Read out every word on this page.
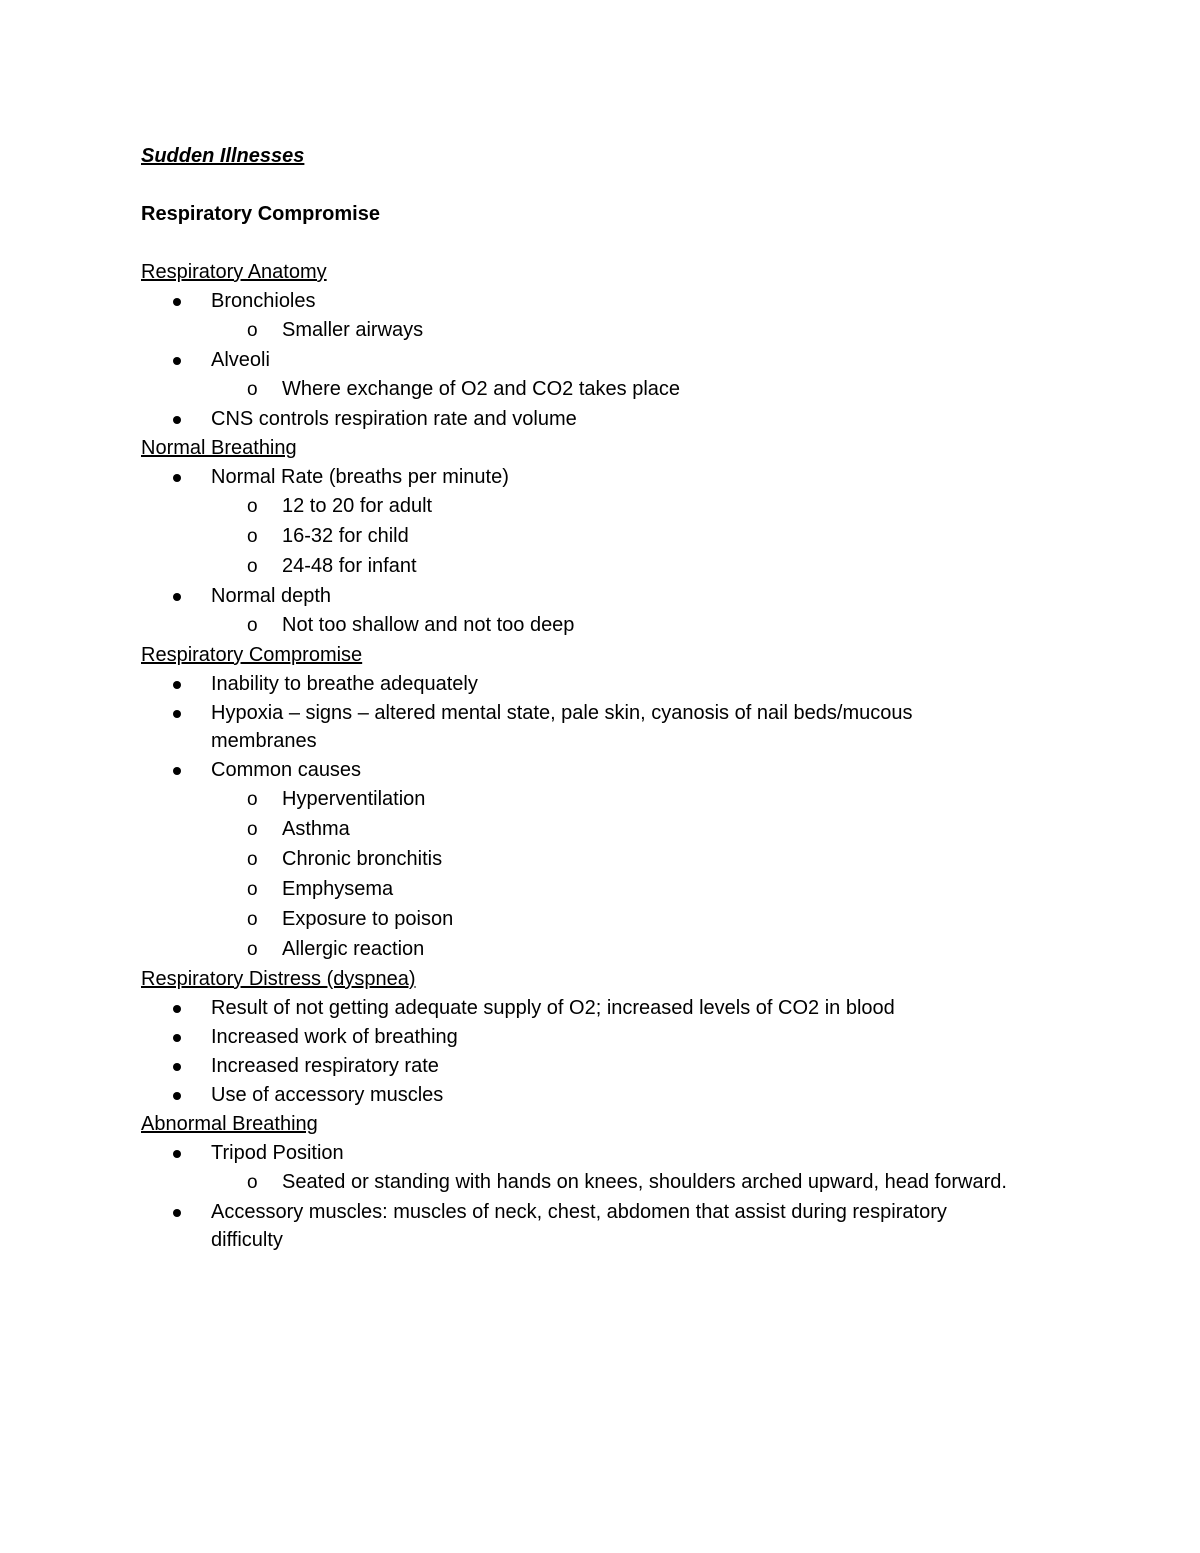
Sudden Illnesses
Respiratory Compromise
Respiratory Anatomy
Bronchioles
o Smaller airways
Alveoli
o Where exchange of O2 and CO2 takes place
CNS controls respiration rate and volume
Normal Breathing
Normal Rate (breaths per minute)
o 12 to 20 for adult
o 16-32 for child
o 24-48 for infant
Normal depth
o Not too shallow and not too deep
Respiratory Compromise
Inability to breathe adequately
Hypoxia – signs – altered mental state, pale skin, cyanosis of nail beds/mucous membranes
Common causes
o Hyperventilation
o Asthma
o Chronic bronchitis
o Emphysema
o Exposure to poison
o Allergic reaction
Respiratory Distress (dyspnea)
Result of not getting adequate supply of O2; increased levels of CO2 in blood
Increased work of breathing
Increased respiratory rate
Use of accessory muscles
Abnormal Breathing
Tripod Position
o Seated or standing with hands on knees, shoulders arched upward, head forward.
Accessory muscles: muscles of neck, chest, abdomen that assist during respiratory difficulty
